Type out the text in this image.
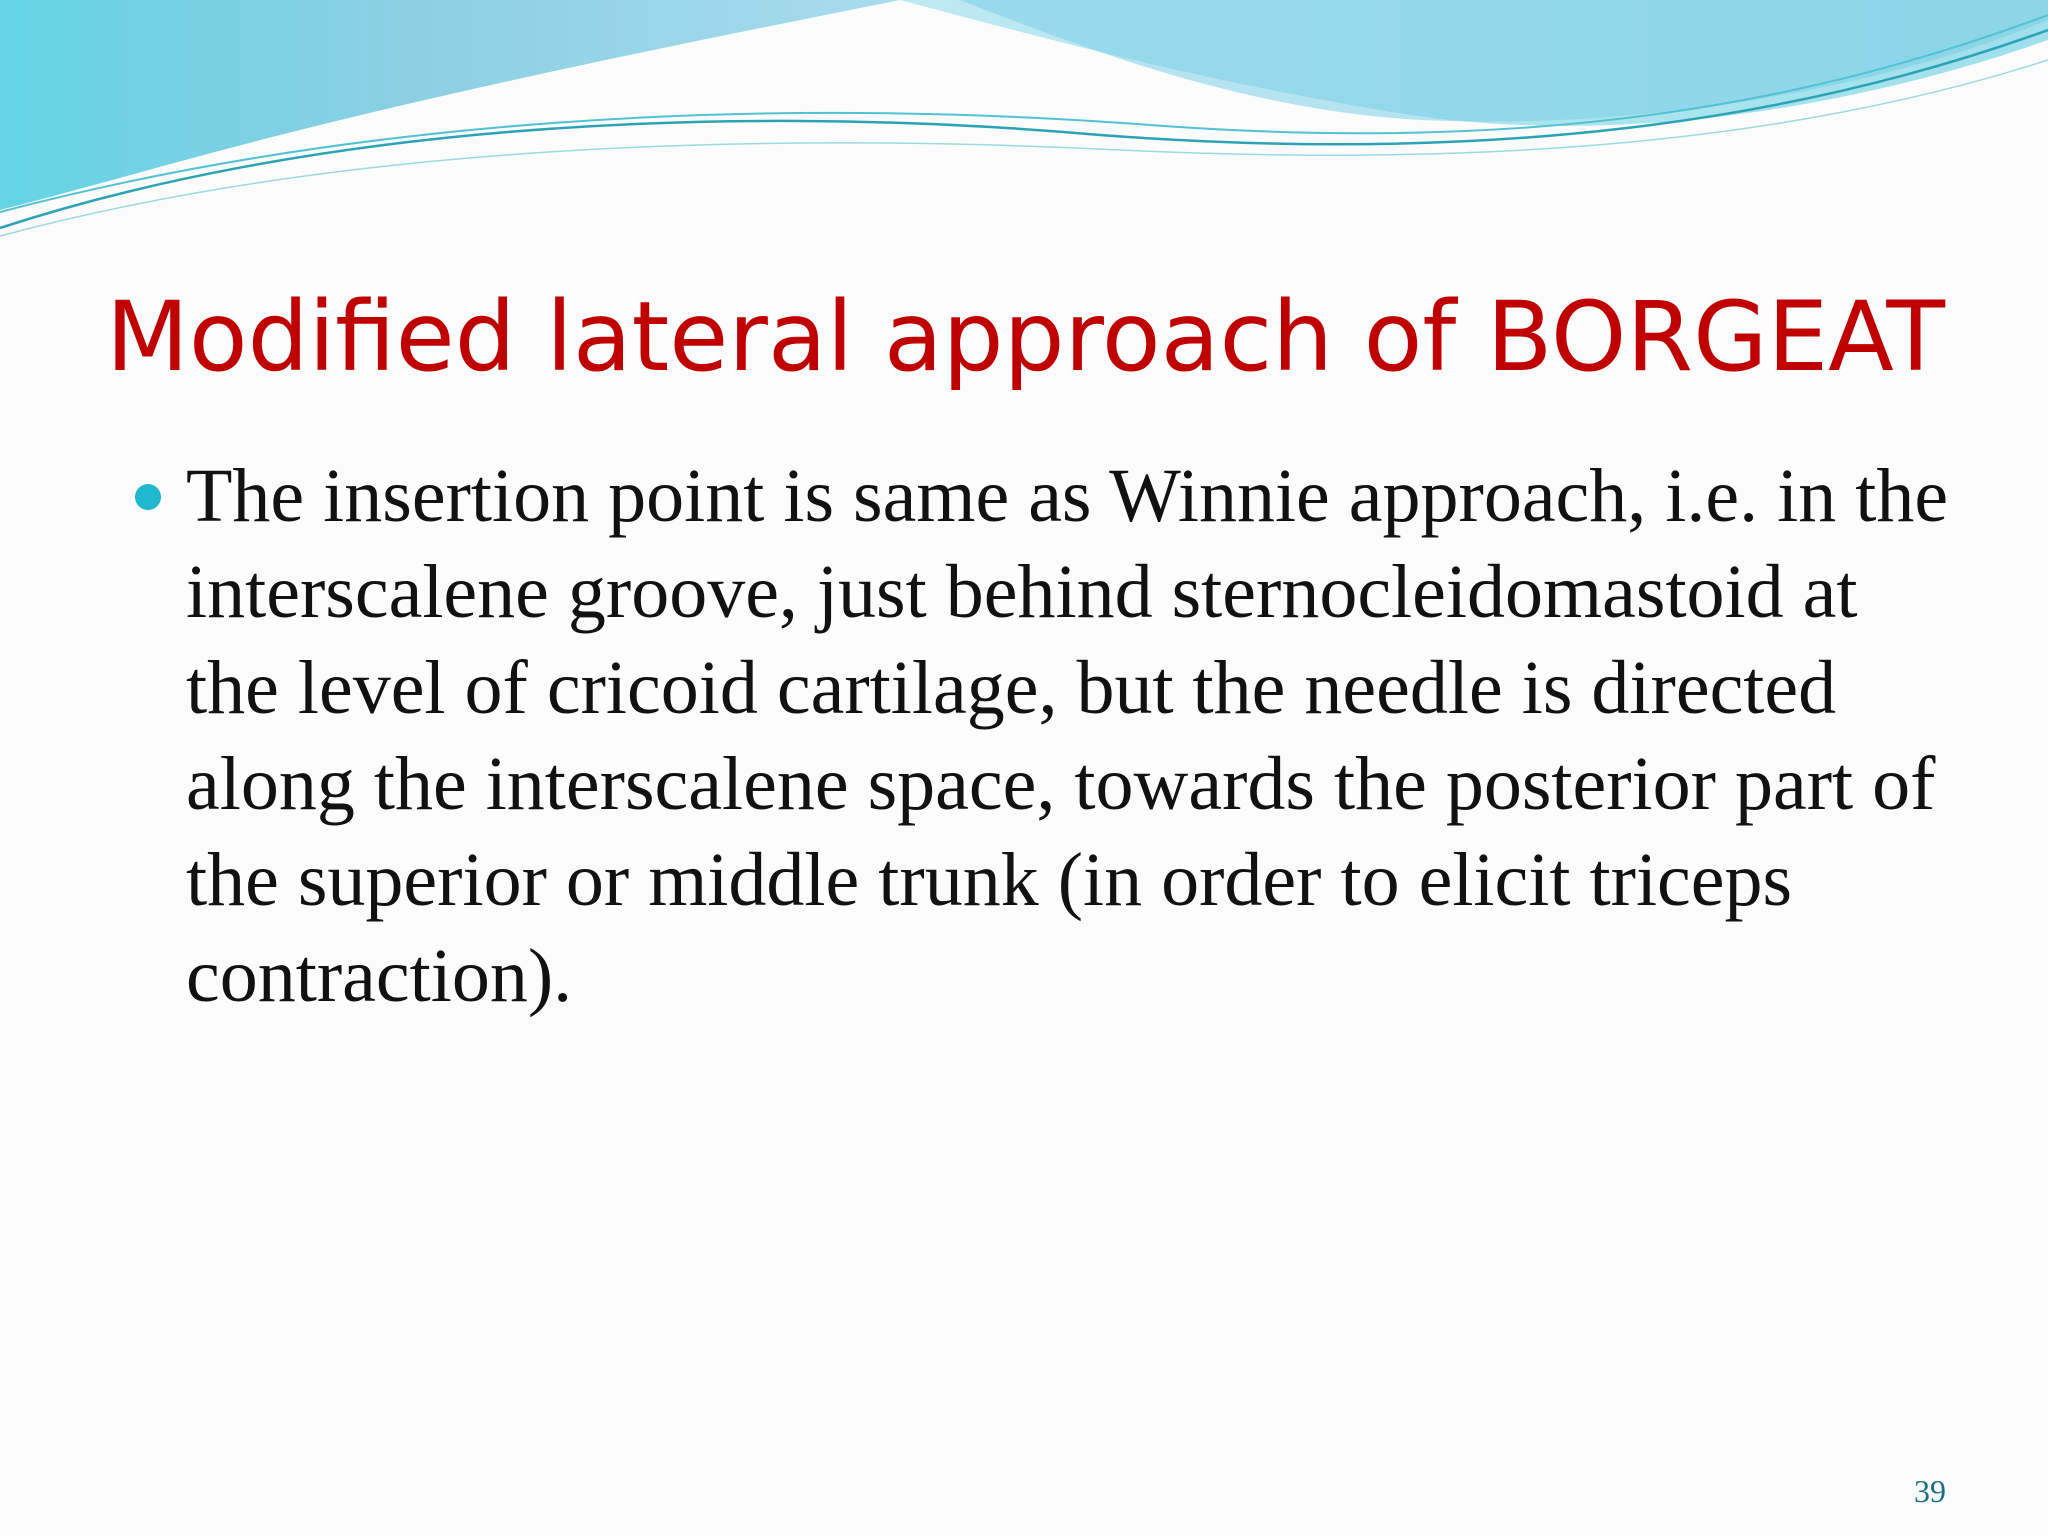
Modified lateral approach of BORGEAT
The insertion point is same as Winnie approach, i.e. in the interscalene groove, just behind sternocleidomastoid at the level of cricoid cartilage, but the needle is directed along the interscalene space, towards the posterior part of the superior or middle trunk (in order to elicit triceps contraction).
39
